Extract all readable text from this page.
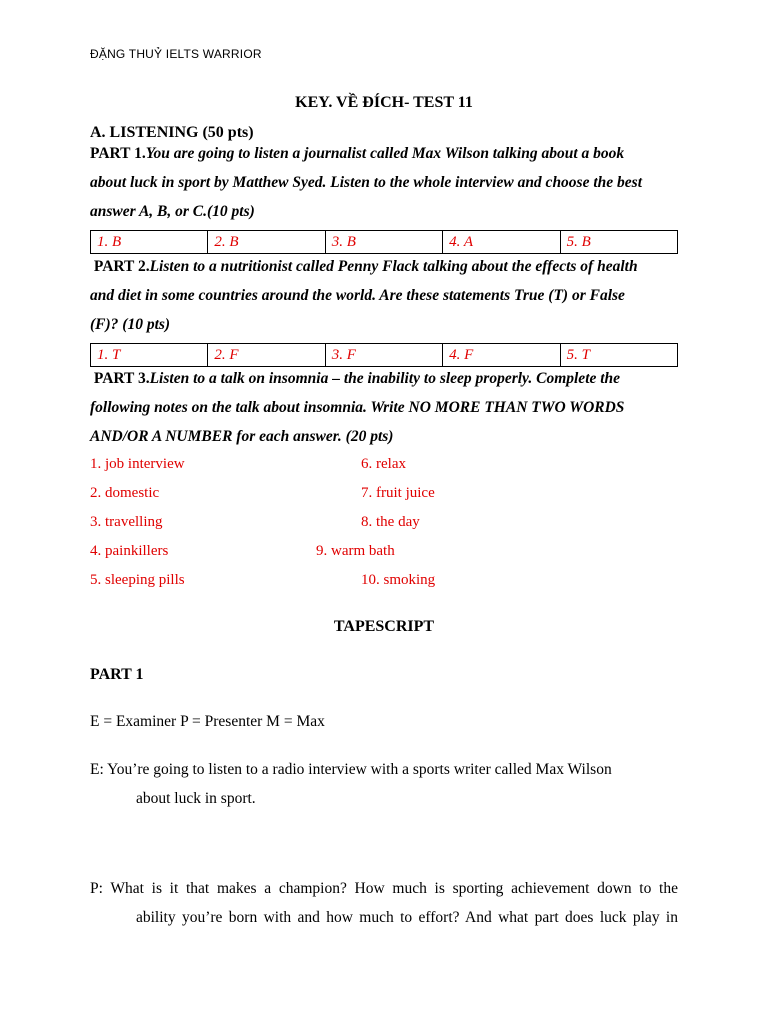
ĐẶNG THUỶ IELTS WARRIOR
KEY. VỀ ĐÍCH- TEST 11
A. LISTENING (50 pts)
PART 1.You are going to listen a journalist called Max Wilson talking about a book
about luck in sport by Matthew Syed. Listen to the whole interview and choose the best
answer A, B, or C.(10 pts)
1. B	2. B	3. B	4. A	5. B
PART 2.Listen to a nutritionist called Penny Flack talking about the effects of health
and diet in some countries around the world. Are these statements True (T) or False
(F)? (10 pts)
1. T	2. F	3. F	4. F	5. T
PART 3.Listen to a talk on insomnia – the inability to sleep properly. Complete the
following notes on the talk about insomnia. Write NO MORE THAN TWO WORDS
AND/OR A NUMBER for each answer. (20 pts)
1. job interview
2. domestic
3. travelling
4. painkillers
5. sleeping pills
6. relax
7. fruit juice
8. the day
9. warm bath
10. smoking
TAPESCRIPT
PART 1
E = Examiner P = Presenter M = Max
E: You’re going to listen to a radio interview with a sports writer called Max Wilson
about luck in sport.
P: What is it that makes a champion? How much is sporting achievement down to the
ability you’re born with and how much to effort? And what part does luck play in
